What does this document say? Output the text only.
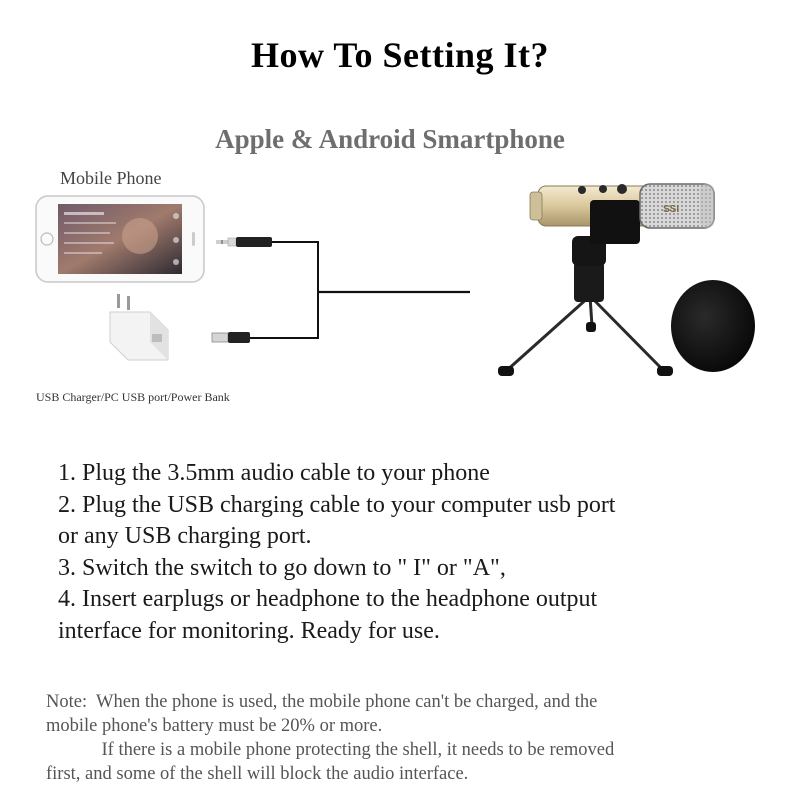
How To Setting It?
Apple & Android Smartphone
Mobile Phone
USB Charger/PC USB port/Power Bank
SSI
1. Plug the 3.5mm audio cable to your phone
2. Plug the USB charging cable to your computer usb port
or any USB charging port.
3. Switch the switch to go down to " I" or "A",
4. Insert earplugs or headphone to the headphone output
interface for monitoring. Ready for use.
Note:  When the phone is used, the mobile phone can't be charged, and the
mobile phone's battery must be 20% or more.
If there is a mobile phone protecting the shell, it needs to be removed
first, and some of the shell will block the audio interface.
